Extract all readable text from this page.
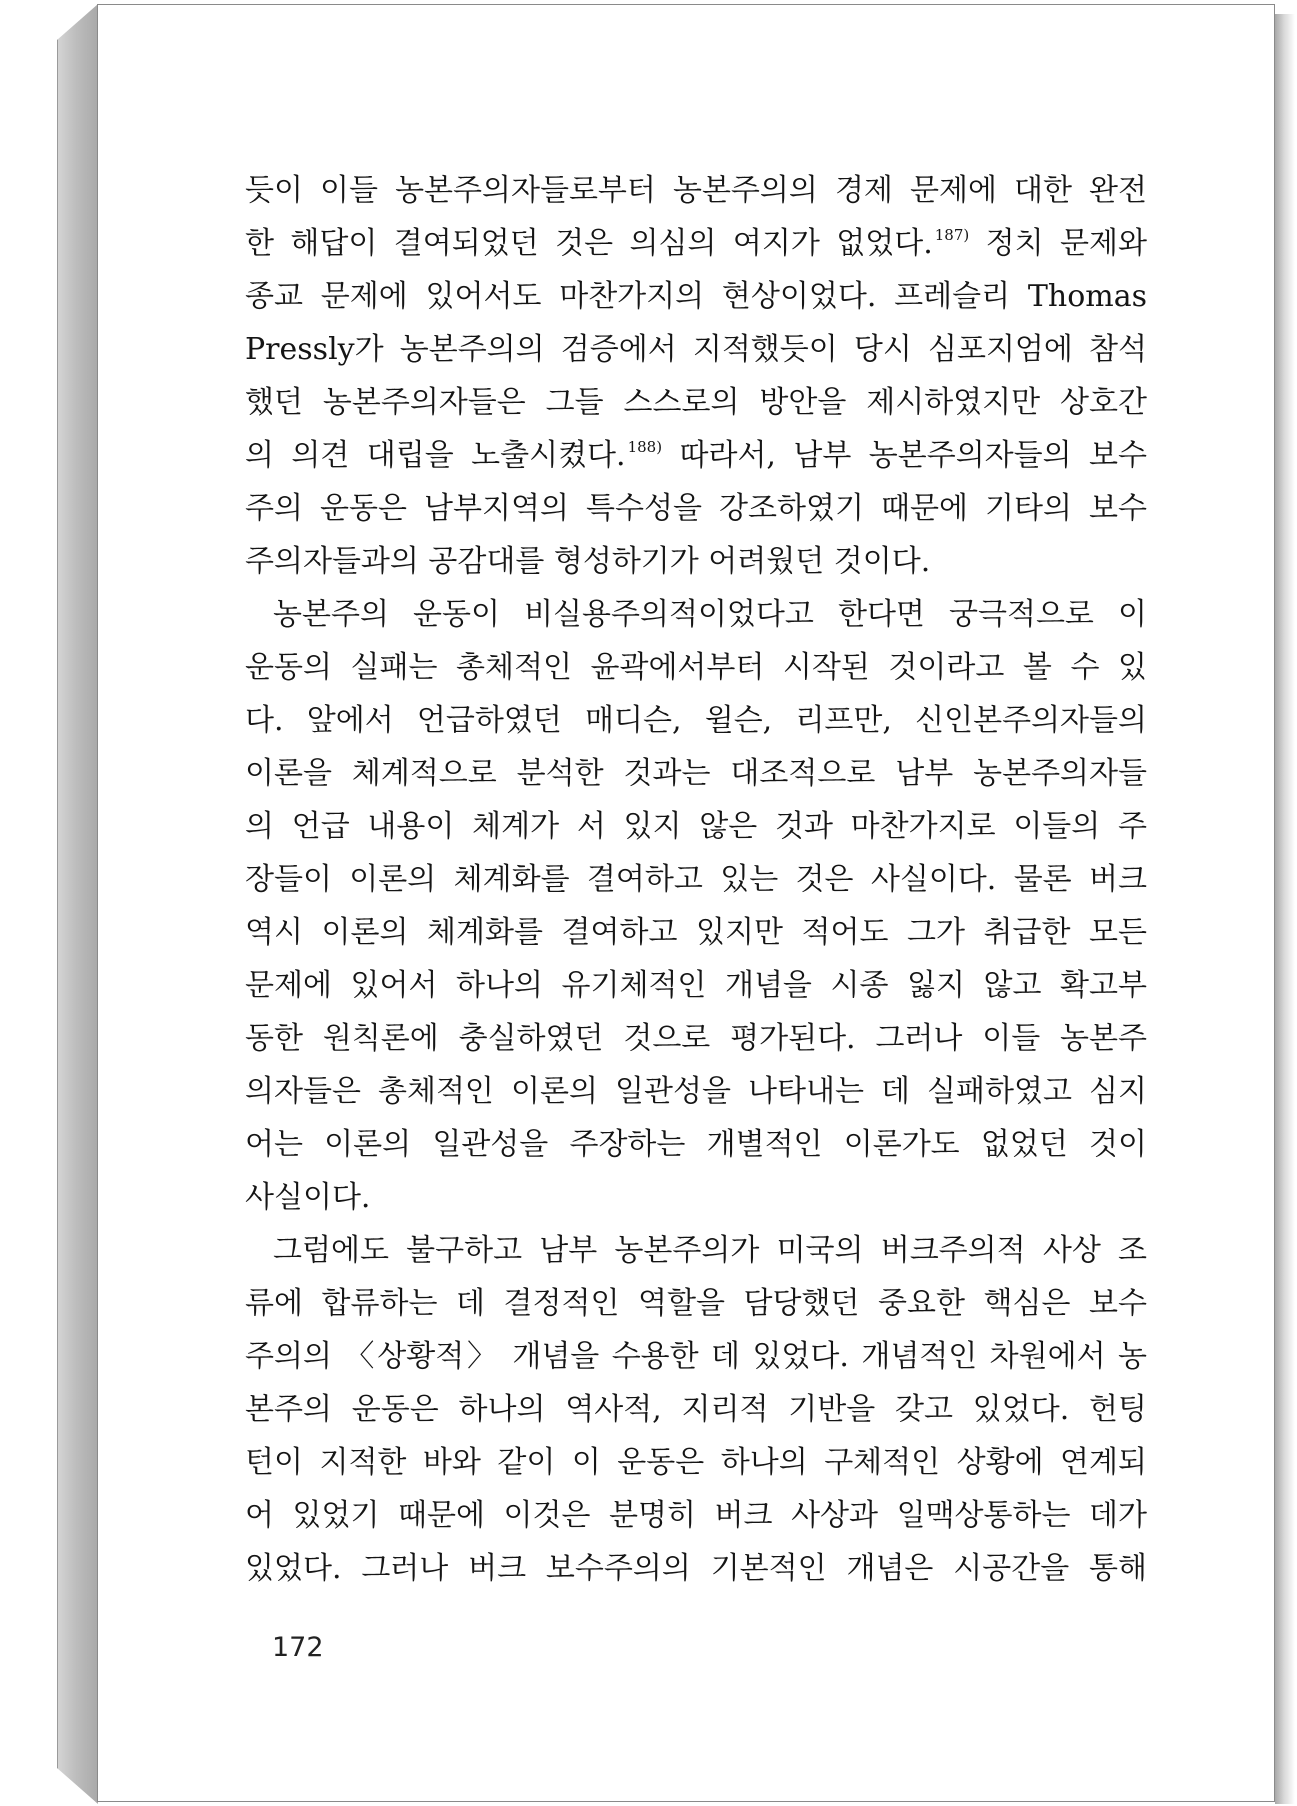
듯이 이들 농본주의자들로부터 농본주의의 경제 문제에 대한 완전
한 해답이 결여되었던 것은 의심의 여지가 없었다. $^{187)}$ 정치 문제와
종교 문제에 있어서도 마찬가지의 현상이었다. 프레슬리 Thomas
Pressly가 농본주의의 검증에서 지적했듯이 당시 심포지엄에 참석
했던 농본주의자들은 그들 스스로의 방안을 제시하였지만 상호간
의 의견 대립을 노출시켰다. $^{188)}$ 따라서, 남부 농본주의자들의 보수
주의 운동은 남부지역의 특수성을 강조하였기 때문에 기타의 보수
주의자들과의 공감대를 형성하기가 어려웠던 것이다.
농본주의 운동이 비실용주의적이었다고 한다면 궁극적으로 이
운동의 실패는 총체적인 윤곽에서부터 시작된 것이라고 볼 수 있
다. 앞에서 언급하였던 매디슨, 윌슨, 리프만, 신인본주의자들의
이론을 체계적으로 분석한 것과는 대조적으로 남부 농본주의자들
의 언급 내용이 체계가 서 있지 않은 것과 마찬가지로 이들의 주
장들이 이론의 체계화를 결여하고 있는 것은 사실이다. 물론 버크
역시 이론의 체계화를 결여하고 있지만 적어도 그가 취급한 모든
문제에 있어서 하나의 유기체적인 개념을 시종 잃지 않고 확고부
동한 원칙론에 충실하였던 것으로 평가된다. 그러나 이들 농본주
의자들은 총체적인 이론의 일관성을 나타내는 데 실패하였고 심지
어는 이론의 일관성을 주장하는 개별적인 이론가도 없었던 것이
사실이다.
그럼에도 불구하고 남부 농본주의가 미국의 버크주의적 사상 조
류에 합류하는 데 결정적인 역할을 담당했던 중요한 핵심은 보수
주의의 〈상황적〉 개념을 수용한 데 있었다. 개념적인 차원에서 농
본주의 운동은 하나의 역사적, 지리적 기반을 갖고 있었다. 헌팅
턴이 지적한 바와 같이 이 운동은 하나의 구체적인 상황에 연계되
어 있었기 때문에 이것은 분명히 버크 사상과 일맥상통하는 데가
있었다. 그러나 버크 보수주의의 기본적인 개념은 시공간을 통해
172
